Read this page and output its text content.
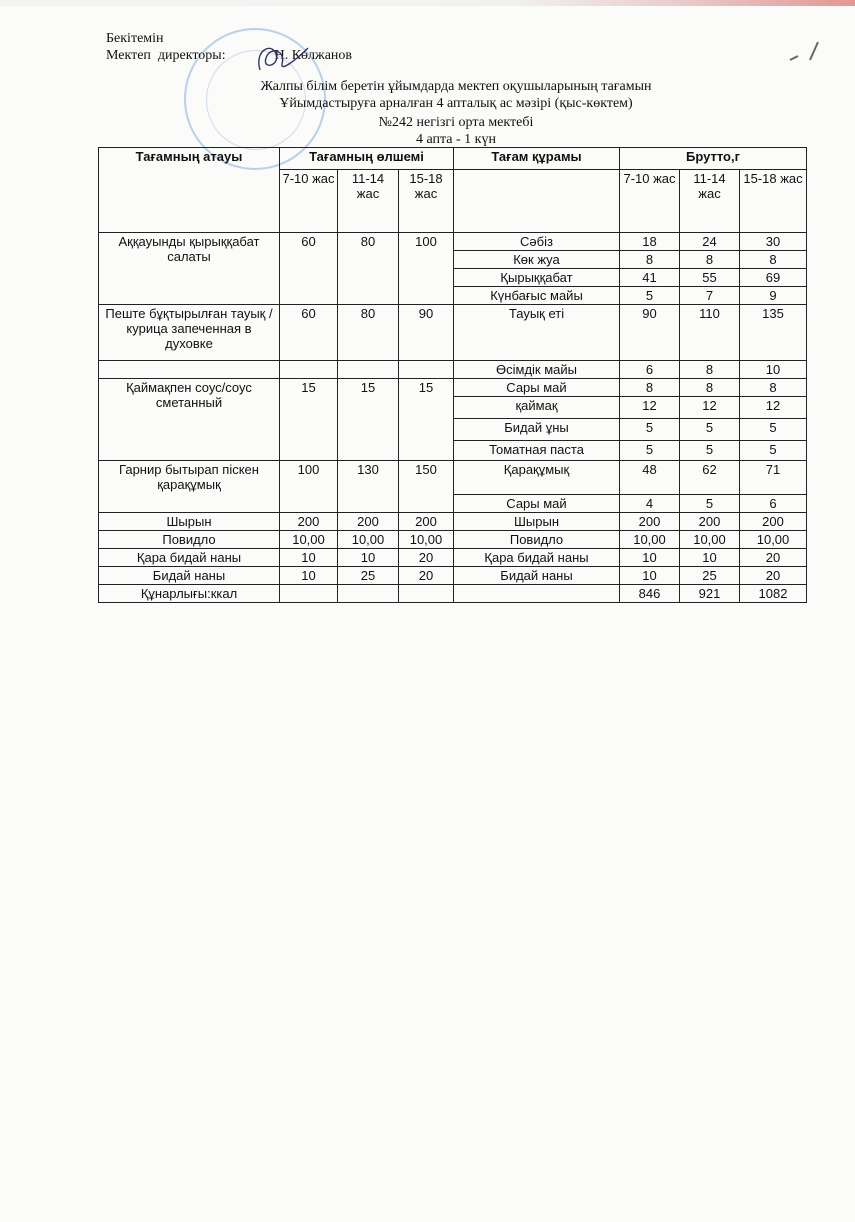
Бекітемін
Мектеп  директоры:	Н. Көлжанов
Жалпы білім беретін ұйымдарда мектеп оқушыларының тағамын
Ұйымдастыруға арналған 4 апталық ас мәзірі (қыс-көктем)
№242 негізгі орта мектебі
4 апта - 1 күн
Тағамның атауы	Тағамның өлшемі			Тағам құрамы	Брутто,г		
	7-10 жас	11-14 жас	15-18 жас		7-10 жас	11-14 жас	15-18 жас
Аққауынды қырыққабат салаты	60	80	100	Сәбіз	18	24	30
				Көк жуа	8	8	8
				Қырыққабат	41	55	69
				Күнбағыс майы	5	7	9
Пеште бұқтырылған тауық /курица запеченная в духовке	60	80	90	Тауық еті	90	110	135
				Өсімдік майы	6	8	10
Қаймақпен соус/соус сметанный	15	15	15	Сары май	8	8	8
				қаймақ	12	12	12
				Бидай ұны	5	5	5
				Томатная паста	5	5	5
Гарнир бытырап піскен қарақұмық	100	130	150	Қарақұмық	48	62	71
				Сары май	4	5	6
Шырын	200	200	200	Шырын	200	200	200
Повидло	10,00	10,00	10,00	Повидло	10,00	10,00	10,00
Қара бидай наны	10	10	20	Қара бидай наны	10	10	20
Бидай наны	10	25	20	Бидай наны	10	25	20
Құнарлығы:ккал					846	921	1082
